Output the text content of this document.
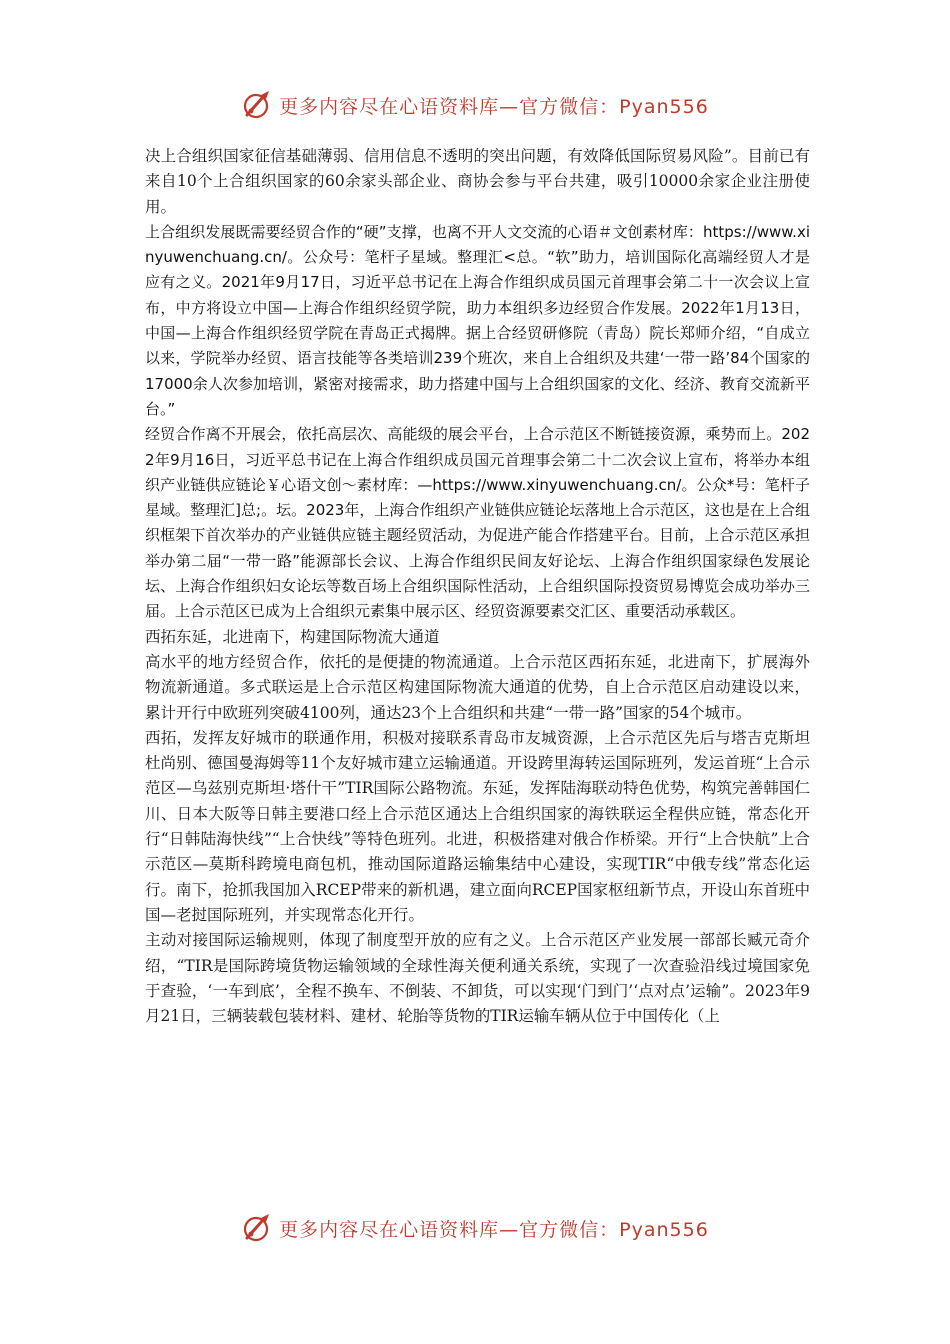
更多内容尽在心语资料库—官方微信：Pyan556

决上合组织国家征信基础薄弱、信用信息不透明的突出问题，有效降低国际贸易风险”。目前已有来自10个上合组织国家的60余家头部企业、商协会参与平台共建，吸引10000余家企业注册使用。

上合组织发展既需要经贸合作的“硬”支撑，也离不开人文交流的心语＃文创素材库：https://www.xinyuwenchuang.cn/。公众号：笔杆子星域。整理汇<总。“软”助力，培训国际化高端经贸人才是应有之义。2021年9月17日，习近平总书记在上海合作组织成员国元首理事会第二十一次会议上宣布，中方将设立中国—上海合作组织经贸学院，助力本组织多边经贸合作发展。2022年1月13日，中国—上海合作组织经贸学院在青岛正式揭牌。据上合经贸研修院（青岛）院长郑师介绍，“自成立以来，学院举办经贸、语言技能等各类培训239个班次，来自上合组织及共建‘一带一路’84个国家的17000余人次参加培训，紧密对接需求，助力搭建中国与上合组织国家的文化、经济、教育交流新平台。”

经贸合作离不开展会，依托高层次、高能级的展会平台，上合示范区不断链接资源，乘势而上。2022年9月16日，习近平总书记在上海合作组织成员国元首理事会第二十二次会议上宣布，将举办本组织产业链供应链论￥心语文创～素材库：—https://www.xinyuwenchuang.cn/。公众*号：笔杆子星域。整理汇]总;。坛。2023年，上海合作组织产业链供应链论坛落地上合示范区，这也是在上合组织框架下首次举办的产业链供应链主题经贸活动，为促进产能合作搭建平台。目前，上合示范区承担举办第二届“一带一路”能源部长会议、上海合作组织民间友好论坛、上海合作组织国家绿色发展论坛、上海合作组织妇女论坛等数百场上合组织国际性活动，上合组织国际投资贸易博览会成功举办三届。上合示范区已成为上合组织元素集中展示区、经贸资源要素交汇区、重要活动承载区。

西拓东延，北进南下，构建国际物流大通道

高水平的地方经贸合作，依托的是便捷的物流通道。上合示范区西拓东延，北进南下，扩展海外物流新通道。多式联运是上合示范区构建国际物流大通道的优势，自上合示范区启动建设以来，累计开行中欧班列突破4100列，通达23个上合组织和共建“一带一路”国家的54个城市。

西拓，发挥友好城市的联通作用，积极对接联系青岛市友城资源，上合示范区先后与塔吉克斯坦杜尚别、德国曼海姆等11个友好城市建立运输通道。开设跨里海转运国际班列，发运首班“上合示范区—乌兹别克斯坦·塔什干”TIR国际公路物流。东延，发挥陆海联动特色优势，构筑完善韩国仁川、日本大阪等日韩主要港口经上合示范区通达上合组织国家的海铁联运全程供应链，常态化开行“日韩陆海快线”“上合快线”等特色班列。北进，积极搭建对俄合作桥梁。开行“上合快航”上合示范区—莫斯科跨境电商包机，推动国际道路运输集结中心建设，实现TIR“中俄专线”常态化运行。南下，抢抓我国加入RCEP带来的新机遇，建立面向RCEP国家枢纽新节点，开设山东首班中国—老挝国际班列，并实现常态化开行。

主动对接国际运输规则，体现了制度型开放的应有之义。上合示范区产业发展一部部长臧元奇介绍，“TIR是国际跨境货物运输领域的全球性海关便利通关系统，实现了一次查验沿线过境国家免于查验，‘一车到底’，全程不换车、不倒装、不卸货，可以实现‘门到门’‘点对点’运输”。2023年9月21日，三辆装载包装材料、建材、轮胎等货物的TIR运输车辆从位于中国传化（上

更多内容尽在心语资料库—官方微信：Pyan556
